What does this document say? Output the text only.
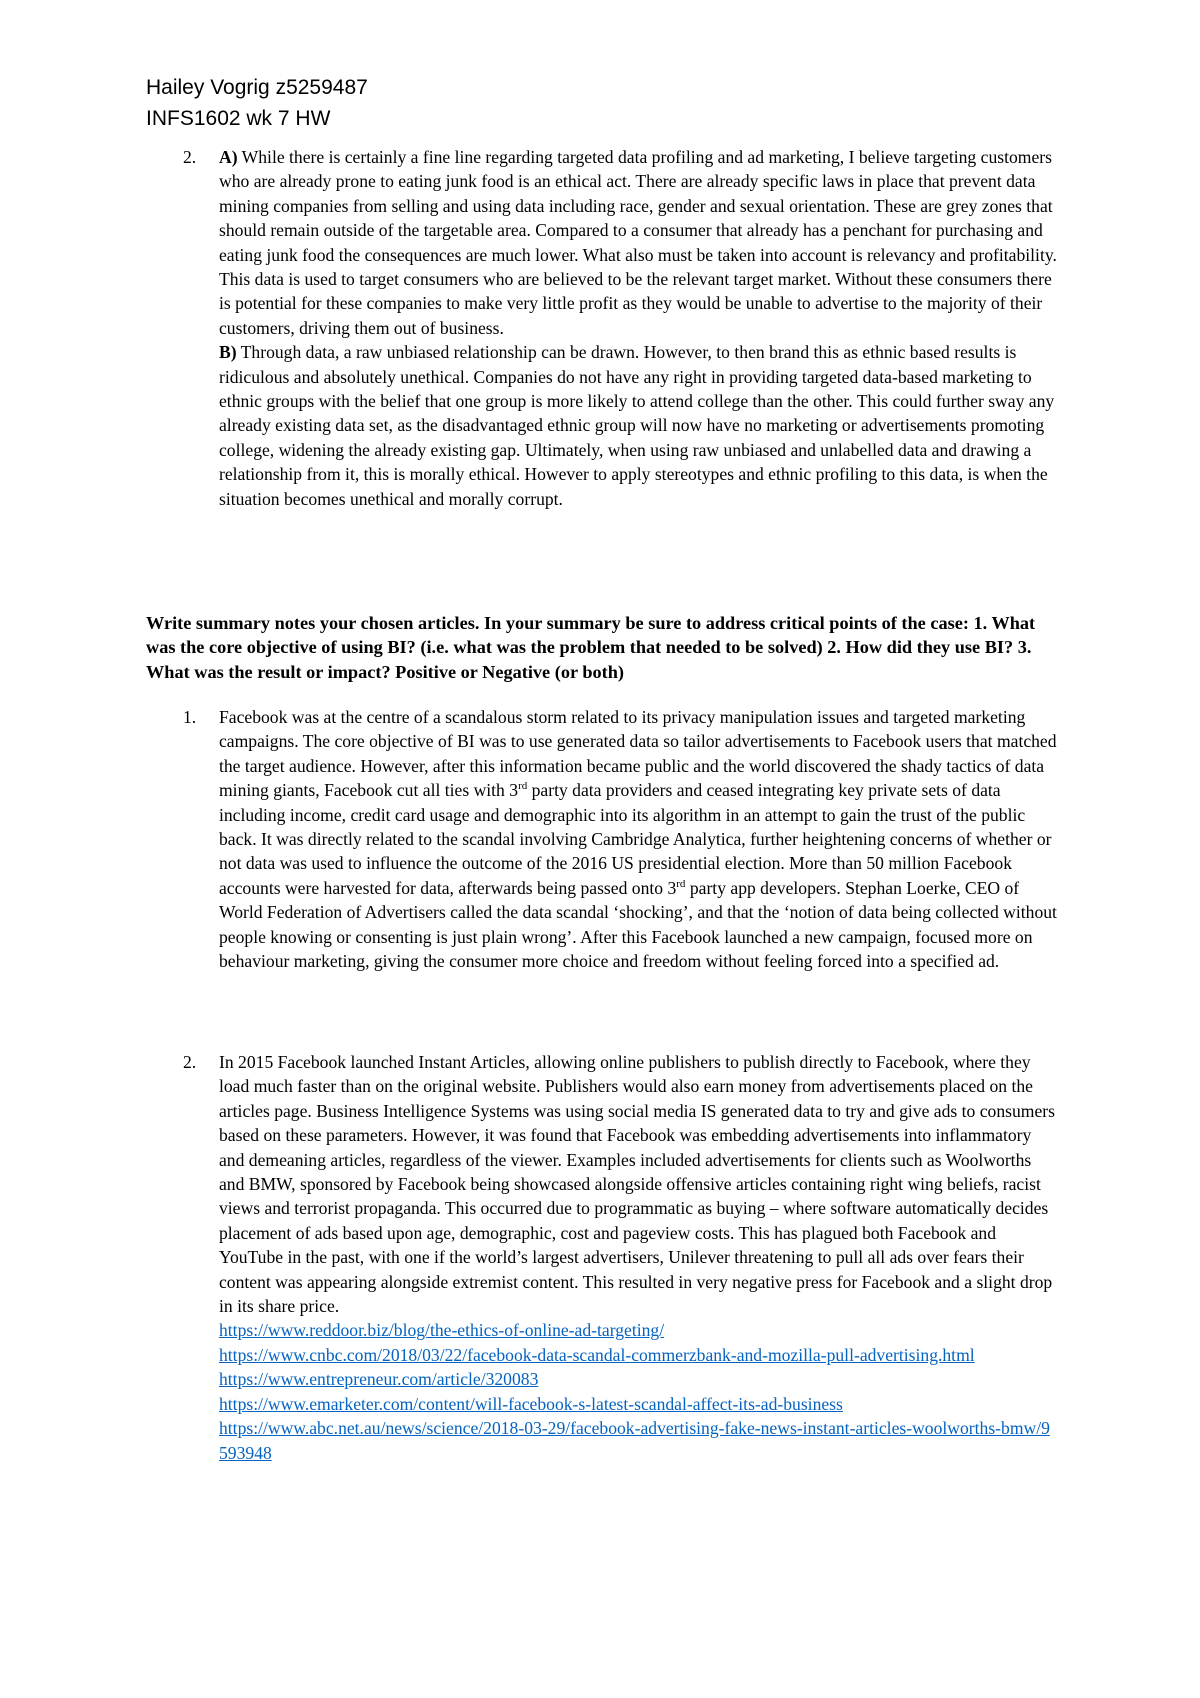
Hailey Vogrig z5259487
INFS1602 wk 7 HW
2.	A) While there is certainly a fine line regarding targeted data profiling and ad marketing, I believe targeting customers who are already prone to eating junk food is an ethical act. There are already specific laws in place that prevent data mining companies from selling and using data including race, gender and sexual orientation. These are grey zones that should remain outside of the targetable area. Compared to a consumer that already has a penchant for purchasing and eating junk food the consequences are much lower. What also must be taken into account is relevancy and profitability. This data is used to target consumers who are believed to be the relevant target market. Without these consumers there is potential for these companies to make very little profit as they would be unable to advertise to the majority of their customers, driving them out of business.

B) Through data, a raw unbiased relationship can be drawn. However, to then brand this as ethnic based results is ridiculous and absolutely unethical. Companies do not have any right in providing targeted data-based marketing to ethnic groups with the belief that one group is more likely to attend college than the other. This could further sway any already existing data set, as the disadvantaged ethnic group will now have no marketing or advertisements promoting college, widening the already existing gap. Ultimately, when using raw unbiased and unlabelled data and drawing a relationship from it, this is morally ethical. However to apply stereotypes and ethnic profiling to this data, is when the situation becomes unethical and morally corrupt.

Write summary notes your chosen articles. In your summary be sure to address critical points of the case: 1. What was the core objective of using BI? (i.e. what was the problem that needed to be solved) 2. How did they use BI? 3. What was the result or impact? Positive or Negative (or both)
1.	Facebook was at the centre of a scandalous storm related to its privacy manipulation issues and targeted marketing campaigns. The core objective of BI was to use generated data so tailor advertisements to Facebook users that matched the target audience. However, after this information became public and the world discovered the shady tactics of data mining giants, Facebook cut all ties with 3rd party data providers and ceased integrating key private sets of data including income, credit card usage and demographic into its algorithm in an attempt to gain the trust of the public back. It was directly related to the scandal involving Cambridge Analytica, further heightening concerns of whether or not data was used to influence the outcome of the 2016 US presidential election. More than 50 million Facebook accounts were harvested for data, afterwards being passed onto 3rd party app developers. Stephan Loerke, CEO of World Federation of Advertisers called the data scandal ‘shocking’, and that the ‘notion of data being collected without people knowing or consenting is just plain wrong’. After this Facebook launched a new campaign, focused more on behaviour marketing, giving the consumer more choice and freedom without feeling forced into a specified ad.

2.	In 2015 Facebook launched Instant Articles, allowing online publishers to publish directly to Facebook, where they load much faster than on the original website. Publishers would also earn money from advertisements placed on the articles page. Business Intelligence Systems was using social media IS generated data to try and give ads to consumers based on these parameters. However, it was found that Facebook was embedding advertisements into inflammatory and demeaning articles, regardless of the viewer. Examples included advertisements for clients such as Woolworths and BMW, sponsored by Facebook being showcased alongside offensive articles containing right wing beliefs, racist views and terrorist propaganda. This occurred due to programmatic as buying – where software automatically decides placement of ads based upon age, demographic, cost and pageview costs. This has plagued both Facebook and YouTube in the past, with one if the world’s largest advertisers, Unilever threatening to pull all ads over fears their content was appearing alongside extremist content. This resulted in very negative press for Facebook and a slight drop in its share price.

https://www.reddoor.biz/blog/the-ethics-of-online-ad-targeting/
https://www.cnbc.com/2018/03/22/facebook-data-scandal-commerzbank-and-mozilla-pull-advertising.html
https://www.entrepreneur.com/article/320083
https://www.emarketer.com/content/will-facebook-s-latest-scandal-affect-its-ad-business
https://www.abc.net.au/news/science/2018-03-29/facebook-advertising-fake-news-instant-articles-woolworths-bmw/9593948
